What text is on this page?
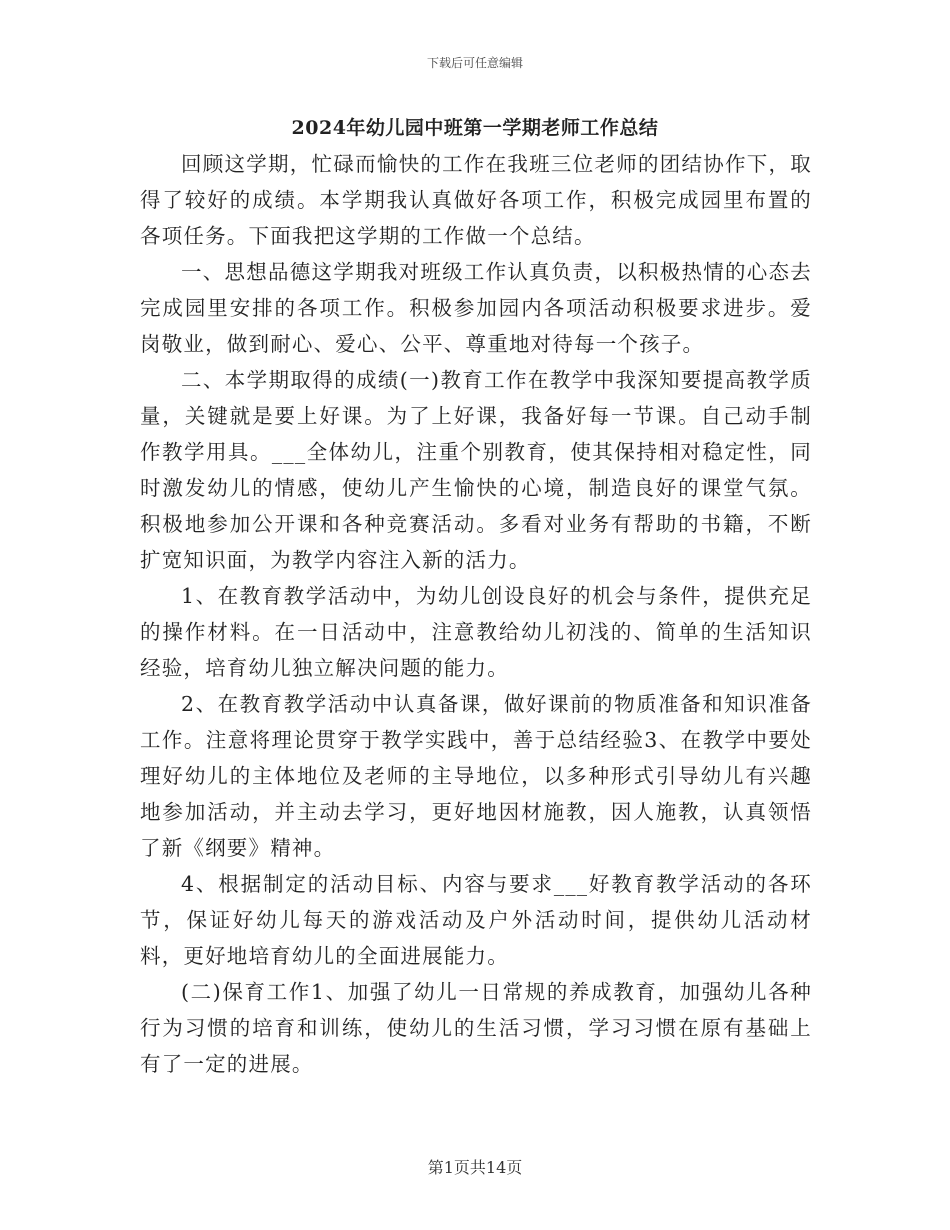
下载后可任意编辑
2024年幼儿园中班第一学期老师工作总结

回顾这学期，忙碌而愉快的工作在我班三位老师的团结协作下，取得了较好的成绩。本学期我认真做好各项工作，积极完成园里布置的各项任务。下面我把这学期的工作做一个总结。

一、思想品德这学期我对班级工作认真负责，以积极热情的心态去完成园里安排的各项工作。积极参加园内各项活动积极要求进步。爱岗敬业，做到耐心、爱心、公平、尊重地对待每一个孩子。

二、本学期取得的成绩(一)教育工作在教学中我深知要提高教学质量，关键就是要上好课。为了上好课，我备好每一节课。自己动手制作教学用具。___全体幼儿，注重个别教育，使其保持相对稳定性，同时激发幼儿的情感，使幼儿产生愉快的心境，制造良好的课堂气氛。积极地参加公开课和各种竞赛活动。多看对业务有帮助的书籍，不断扩宽知识面，为教学内容注入新的活力。

1、在教育教学活动中，为幼儿创设良好的机会与条件，提供充足的操作材料。在一日活动中，注意教给幼儿初浅的、简单的生活知识经验，培育幼儿独立解决问题的能力。

2、在教育教学活动中认真备课，做好课前的物质准备和知识准备工作。注意将理论贯穿于教学实践中，善于总结经验3、在教学中要处理好幼儿的主体地位及老师的主导地位，以多种形式引导幼儿有兴趣地参加活动，并主动去学习，更好地因材施教，因人施教，认真领悟了新《纲要》精神。

4、根据制定的活动目标、内容与要求___好教育教学活动的各环节，保证好幼儿每天的游戏活动及户外活动时间，提供幼儿活动材料，更好地培育幼儿的全面进展能力。

(二)保育工作1、加强了幼儿一日常规的养成教育，加强幼儿各种行为习惯的培育和训练，使幼儿的生活习惯，学习习惯在原有基础上有了一定的进展。

第1页共14页
